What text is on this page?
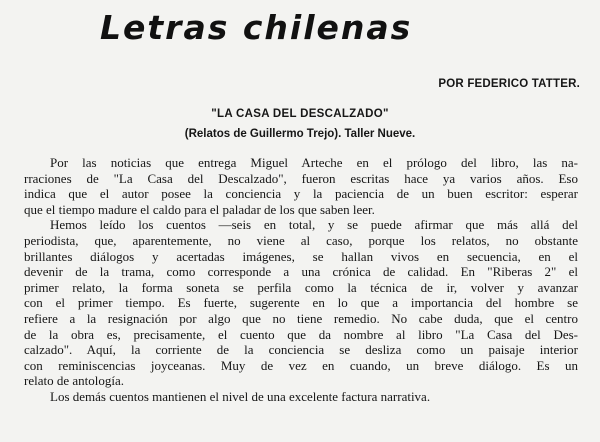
Letras chilenas

POR FEDERICO TATTER.

"LA CASA DEL DESCALZADO"

(Relatos de Guillermo Trejo). Taller Nueve.

Por las noticias que entrega Miguel Arteche en el prólogo del libro, las na-
rraciones de "La Casa del Descalzado", fueron escritas hace ya varios años. Eso
indica que el autor posee la conciencia y la paciencia de un buen escritor: esperar
que el tiempo madure el caldo para el paladar de los que saben leer.
Hemos leído los cuentos —seis en total, y se puede afirmar que más allá del
periodista, que, aparentemente, no viene al caso, porque los relatos, no obstante
brillantes diálogos y acertadas imágenes, se hallan vivos en secuencia, en el
devenir de la trama, como corresponde a una crónica de calidad. En "Riberas 2" el
primer relato, la forma soneta se perfila como la técnica de ir, volver y avanzar
con el primer tiempo. Es fuerte, sugerente en lo que a importancia del hombre se
refiere a la resignación por algo que no tiene remedio. No cabe duda, que el centro
de la obra es, precisamente, el cuento que da nombre al libro "La Casa del Des-
calzado". Aquí, la corriente de la conciencia se desliza como un paisaje interior
con reminiscencias joyceanas. Muy de vez en cuando, un breve diálogo. Es un
relato de antología.
Los demás cuentos mantienen el nivel de una excelente factura narrativa.
